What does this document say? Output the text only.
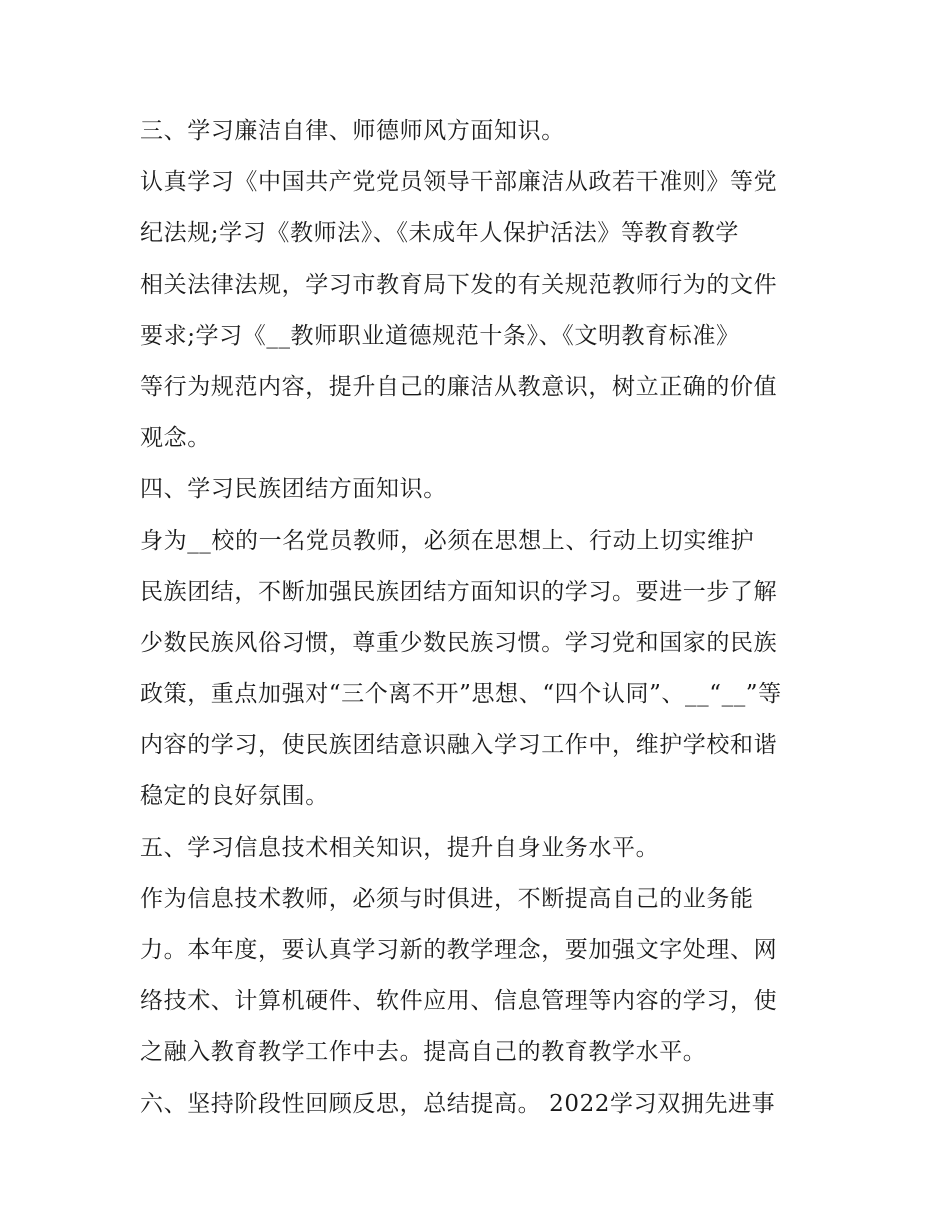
三、学习廉洁自律、师德师风方面知识。
认真学习《中国共产党党员领导干部廉洁从政若干准则》等党
纪法规;学习《教师法》、《未成年人保护活法》等教育教学
相关法律法规，学习市教育局下发的有关规范教师行为的文件
要求;学习《__教师职业道德规范十条》、《文明教育标准》
等行为规范内容，提升自己的廉洁从教意识，树立正确的价值
观念。
四、学习民族团结方面知识。
身为__校的一名党员教师，必须在思想上、行动上切实维护
民族团结，不断加强民族团结方面知识的学习。要进一步了解
少数民族风俗习惯，尊重少数民族习惯。学习党和国家的民族
政策，重点加强对“三个离不开”思想、“四个认同”、__“__”等
内容的学习，使民族团结意识融入学习工作中，维护学校和谐
稳定的良好氛围。
五、学习信息技术相关知识，提升自身业务水平。
作为信息技术教师，必须与时俱进，不断提高自己的业务能
力。本年度，要认真学习新的教学理念，要加强文字处理、网
络技术、计算机硬件、软件应用、信息管理等内容的学习，使
之融入教育教学工作中去。提高自己的教育教学水平。
六、坚持阶段性回顾反思，总结提高。 2022学习双拥先进事
